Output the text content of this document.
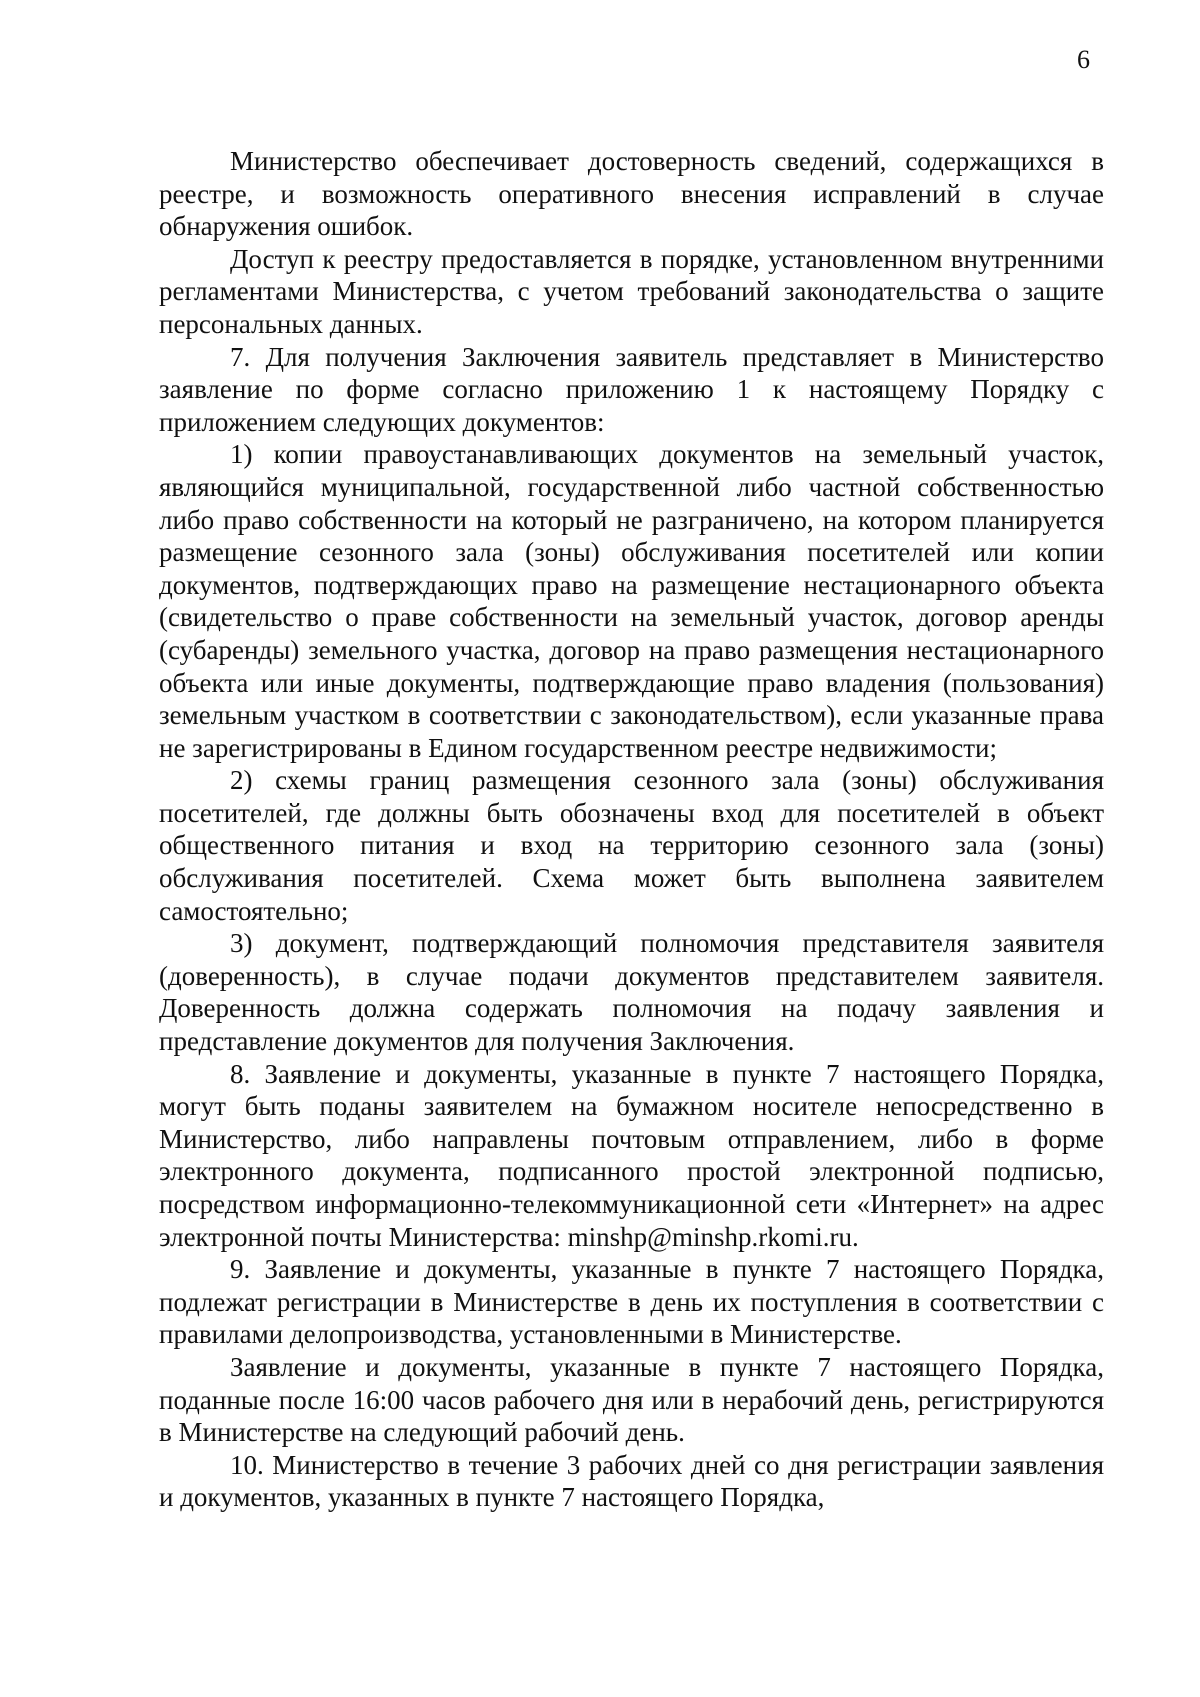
6

Министерство обеспечивает достоверность сведений, содержащихся в реестре, и возможность оперативного внесения исправлений в случае обнаружения ошибок.

Доступ к реестру предоставляется в порядке, установленном внутренними регламентами Министерства, с учетом требований законодательства о защите персональных данных.

7. Для получения Заключения заявитель представляет в Министерство заявление по форме согласно приложению 1 к настоящему Порядку с приложением следующих документов:

1) копии правоустанавливающих документов на земельный участок, являющийся муниципальной, государственной либо частной собственностью либо право собственности на который не разграничено, на котором планируется размещение сезонного зала (зоны) обслуживания посетителей или копии документов, подтверждающих право на размещение нестационарного объекта (свидетельство о праве собственности на земельный участок, договор аренды (субаренды) земельного участка, договор на право размещения нестационарного объекта или иные документы, подтверждающие право владения (пользования) земельным участком в соответствии с законодательством), если указанные права не зарегистрированы в Едином государственном реестре недвижимости;

2) схемы границ размещения сезонного зала (зоны) обслуживания посетителей, где должны быть обозначены вход для посетителей в объект общественного питания и вход на территорию сезонного зала (зоны) обслуживания посетителей. Схема может быть выполнена заявителем самостоятельно;

3) документ, подтверждающий полномочия представителя заявителя (доверенность), в случае подачи документов представителем заявителя. Доверенность должна содержать полномочия на подачу заявления и представление документов для получения Заключения.

8. Заявление и документы, указанные в пункте 7 настоящего Порядка, могут быть поданы заявителем на бумажном носителе непосредственно в Министерство, либо направлены почтовым отправлением, либо в форме электронного документа, подписанного простой электронной подписью, посредством информационно-телекоммуникационной сети «Интернет» на адрес электронной почты Министерства: minshp@minshp.rkomi.ru.

9. Заявление и документы, указанные в пункте 7 настоящего Порядка, подлежат регистрации в Министерстве в день их поступления в соответствии с правилами делопроизводства, установленными в Министерстве.

Заявление и документы, указанные в пункте 7 настоящего Порядка, поданные после 16:00 часов рабочего дня или в нерабочий день, регистрируются в Министерстве на следующий рабочий день.

10. Министерство в течение 3 рабочих дней со дня регистрации заявления и документов, указанных в пункте 7 настоящего Порядка,
